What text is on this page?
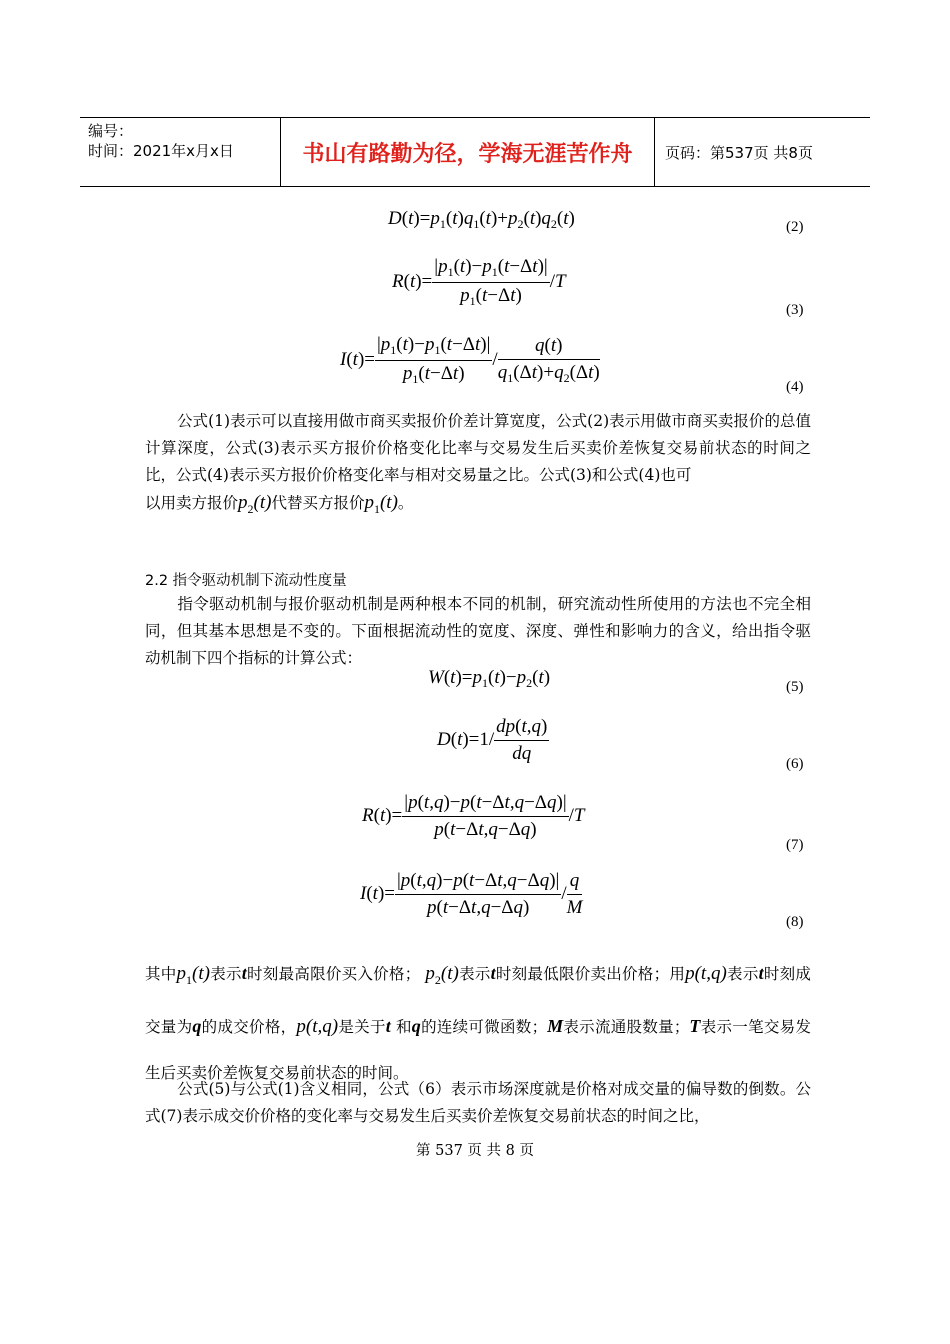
编号：
时间：2021年x月x日	书山有路勤为径，学海无涯苦作舟	页码：第537页 共8页
$D(t)=p_1(t)q_1(t)+p_2(t)q_2(t)$	(2)
$R(t)= \frac{|p_1(t)-p_1(t-\Delta t)|}{p_1(t-\Delta t)} /T$
(3)
$I(t)= \frac{|p_1(t)-p_1(t-\Delta t)|}{p_1(t-\Delta t)} / \frac{q(t)}{q_1(\Delta t)+q_2(\Delta t)}$
(4)
公式(1)表示可以直接用做市商买卖报价价差计算宽度，公式(2)表示用做市商买卖报价的总值计算深度，公式(3)表示买方报价价格变化比率与交易发生后买卖价差恢复交易前状态的时间之比，公式(4)表示买方报价价格变化率与相对交易量之比。公式(3)和公式(4)也可
以用卖方报价$p_2(t)$代替买方报价$p_1(t)$。
2.2 指令驱动机制下流动性度量
指令驱动机制与报价驱动机制是两种根本不同的机制，研究流动性所使用的方法也不完全相同，但其基本思想是不变的。下面根据流动性的宽度、深度、弹性和影响力的含义，给出指令驱动机制下四个指标的计算公式：
$W(t)=p_1(t)-p_2(t)$	(5)
$D(t)=1/ \frac{dp(t,q)}{dq}$	(6)
$R(t)= \frac{|p(t,q)-p(t-\Delta t,q-\Delta q)|}{p(t-\Delta t,q-\Delta q)} /T$
(7)
$I(t)= \frac{|p(t,q)-p(t-\Delta t,q-\Delta q)|}{p(t-\Delta t,q-\Delta q)} / \frac{q}{M}$
(8)
其中$p_1(t)$表示t时刻最高限价买入价格； $p_2(t)$表示t时刻最低限价卖出价格；用p(t,q)表示t时刻成交量为q的成交价格，p(t,q)是关于t 和q的连续可微函数；M表示流通股数量；T表示一笔交易发生后买卖价差恢复交易前状态的时间。
公式(5)与公式(1)含义相同，公式（6）表示市场深度就是价格对成交量的偏导数的倒数。公式(7)表示成交价价格的变化率与交易发生后买卖价差恢复交易前状态的时间之比，
第 537 页 共 8 页
